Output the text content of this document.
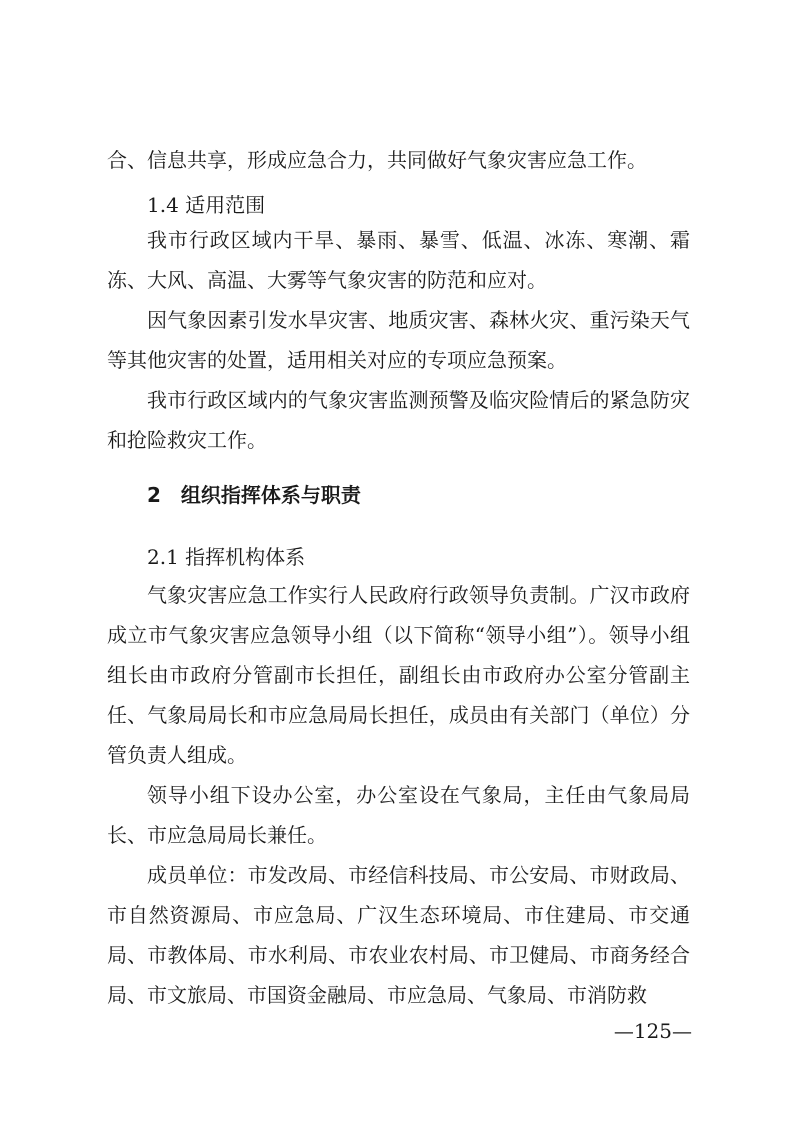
合、信息共享，形成应急合力，共同做好气象灾害应急工作。

1.4 适用范围

我市行政区域内干旱、暴雨、暴雪、低温、冰冻、寒潮、霜冻、大风、高温、大雾等气象灾害的防范和应对。

因气象因素引发水旱灾害、地质灾害、森林火灾、重污染天气等其他灾害的处置，适用相关对应的专项应急预案。

我市行政区域内的气象灾害监测预警及临灾险情后的紧急防灾和抢险救灾工作。

2　组织指挥体系与职责

2.1 指挥机构体系

气象灾害应急工作实行人民政府行政领导负责制。广汉市政府成立市气象灾害应急领导小组（以下简称“领导小组”）。领导小组组长由市政府分管副市长担任，副组长由市政府办公室分管副主任、气象局局长和市应急局局长担任，成员由有关部门（单位）分管负责人组成。

领导小组下设办公室，办公室设在气象局，主任由气象局局长、市应急局局长兼任。

成员单位：市发改局、市经信科技局、市公安局、市财政局、市自然资源局、市应急局、广汉生态环境局、市住建局、市交通局、市教体局、市水利局、市农业农村局、市卫健局、市商务经合局、市文旅局、市国资金融局、市应急局、气象局、市消防救

—125—
